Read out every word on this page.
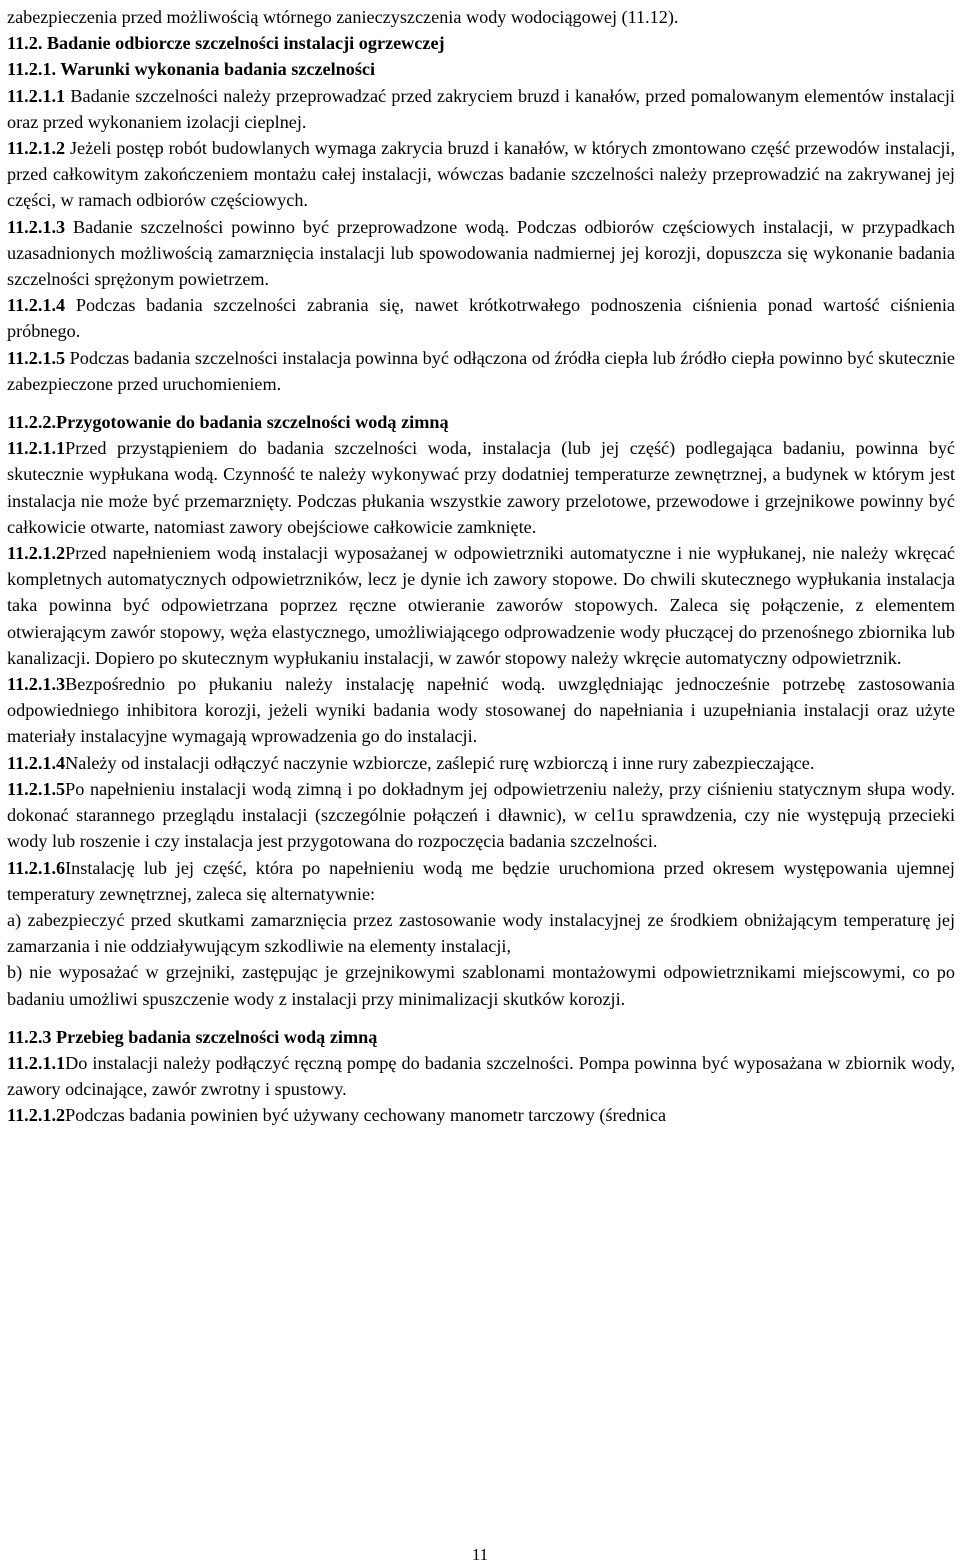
zabezpieczenia przed możliwością wtórnego zanieczyszczenia wody wodociągowej (11.12).

11.2. Badanie odbiorcze szczelności instalacji ogrzewczej

11.2.1. Warunki wykonania badania szczelności

11.2.1.1 Badanie szczelności należy przeprowadzać przed zakryciem bruzd i kanałów, przed pomalowanym elementów instalacji oraz przed wykonaniem izolacji cieplnej.

11.2.1.2 Jeżeli postęp robót budowlanych wymaga zakrycia bruzd i kanałów, w których zmontowano część przewodów instalacji, przed całkowitym zakończeniem montażu całej instalacji, wówczas badanie szczelności należy przeprowadzić na zakrywanej jej części, w ramach odbiorów częściowych.

11.2.1.3 Badanie szczelności powinno być przeprowadzone wodą. Podczas odbiorów częściowych instalacji, w przypadkach uzasadnionych możliwością zamarznięcia instalacji lub spowodowania nadmiernej jej korozji, dopuszcza się wykonanie badania szczelności sprężonym powietrzem.

11.2.1.4 Podczas badania szczelności zabrania się, nawet krótkotrwałego podnoszenia ciśnienia ponad wartość ciśnienia próbnego.

11.2.1.5 Podczas badania szczelności instalacja powinna być odłączona od źródła ciepła lub źródło ciepła powinno być skutecznie zabezpieczone przed uruchomieniem.

11.2.2.Przygotowanie do badania szczelności wodą zimną

11.2.1.1Przed przystąpieniem do badania szczelności woda, instalacja (lub jej część) podlegająca badaniu, powinna być skutecznie wypłukana wodą. Czynność te należy wykonywać przy dodatniej temperaturze zewnętrznej, a budynek w którym jest instalacja nie może być przemarznięty. Podczas płukania wszystkie zawory przelotowe, przewodowe i grzejnikowe powinny być całkowicie otwarte, natomiast zawory obejściowe całkowicie zamknięte.

11.2.1.2Przed napełnieniem wodą instalacji wyposażanej w odpowietrzniki automatyczne i nie wypłukanej, nie należy wkręcać kompletnych automatycznych odpowietrzników, lecz je dynie ich zawory stopowe. Do chwili skutecznego wypłukania instalacja taka powinna być odpowietrzana poprzez ręczne otwieranie zaworów stopowych. Zaleca się połączenie, z elementem otwierającym zawór stopowy, węża elastycznego, umożliwiającego odprowadzenie wody płuczącej do przenośnego zbiornika lub kanalizacji. Dopiero po skutecznym wypłukaniu instalacji, w zawór stopowy należy wkręcie automatyczny odpowietrznik.

11.2.1.3Bezpośrednio po płukaniu należy instalację napełnić wodą. uwzględniając jednocześnie potrzebę zastosowania odpowiedniego inhibitora korozji, jeżeli wyniki badania wody stosowanej do napełniania i uzupełniania instalacji oraz użyte materiały instalacyjne wymagają wprowadzenia go do instalacji.

11.2.1.4Należy od instalacji odłączyć naczynie wzbiorcze, zaślepić rurę wzbiorczą i inne rury zabezpieczające.

11.2.1.5Po napełnieniu instalacji wodą zimną i po dokładnym jej odpowietrzeniu należy, przy ciśnieniu statycznym słupa wody. dokonać starannego przeglądu instalacji (szczególnie połączeń i dławnic), w cel1u sprawdzenia, czy nie występują przecieki wody lub roszenie i czy instalacja jest przygotowana do rozpoczęcia badania szczelności.

11.2.1.6Instalację lub jej część, która po napełnieniu wodą me będzie uruchomiona przed okresem występowania ujemnej temperatury zewnętrznej, zaleca się alternatywnie:

a) zabezpieczyć przed skutkami zamarznięcia przez zastosowanie wody instalacyjnej ze środkiem obniżającym temperaturę jej zamarzania i nie oddziaływującym szkodliwie na elementy instalacji,

b) nie wyposażać w grzejniki, zastępując je grzejnikowymi szablonami montażowymi odpowietrznikami miejscowymi, co po badaniu umożliwi spuszczenie wody z instalacji przy minimalizacji skutków korozji.

11.2.3 Przebieg badania szczelności wodą zimną

11.2.1.1Do instalacji należy podłączyć ręczną pompę do badania szczelności. Pompa powinna być wyposażana w zbiornik wody, zawory odcinające, zawór zwrotny i spustowy.

11.2.1.2Podczas badania powinien być używany cechowany manometr tarczowy (średnica

11
